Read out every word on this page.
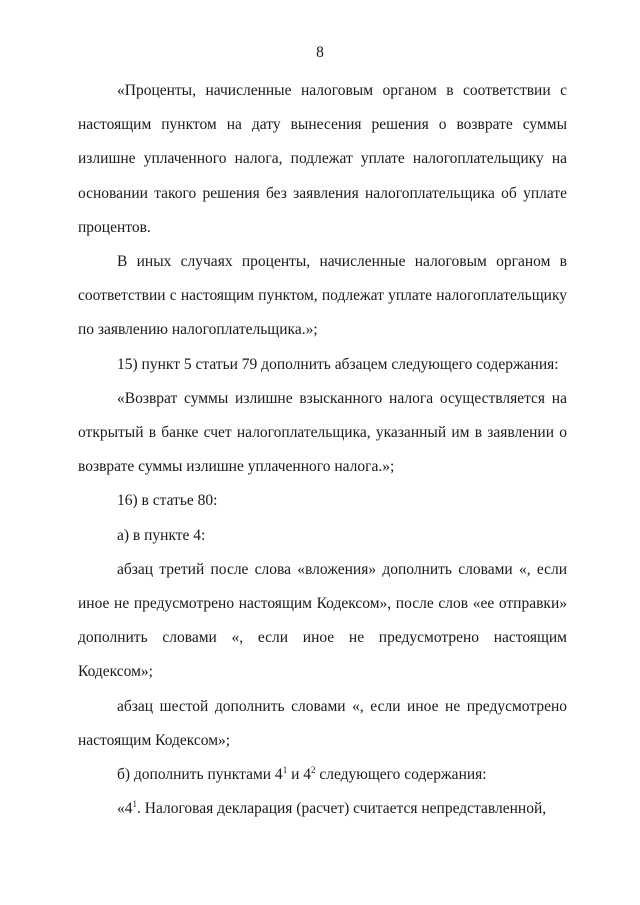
8

«Проценты, начисленные налоговым органом в соответствии с настоящим пунктом на дату вынесения решения о возврате суммы излишне уплаченного налога, подлежат уплате налогоплательщику на основании такого решения без заявления налогоплательщика об уплате процентов.

В иных случаях проценты, начисленные налоговым органом в соответствии с настоящим пунктом, подлежат уплате налогоплательщику по заявлению налогоплательщика.»;

15) пункт 5 статьи 79 дополнить абзацем следующего содержания:

«Возврат суммы излишне взысканного налога осуществляется на открытый в банке счет налогоплательщика, указанный им в заявлении о возврате суммы излишне уплаченного налога.»;

16) в статье 80:

а) в пункте 4:

абзац третий после слова «вложения» дополнить словами «, если иное не предусмотрено настоящим Кодексом», после слов «ее отправки» дополнить словами «, если иное не предусмотрено настоящим Кодексом»;

абзац шестой дополнить словами «, если иное не предусмотрено настоящим Кодексом»;

б) дополнить пунктами $4^1$ и $4^2$ следующего содержания:

«$4^1$. Налоговая декларация (расчет) считается непредставленной,
